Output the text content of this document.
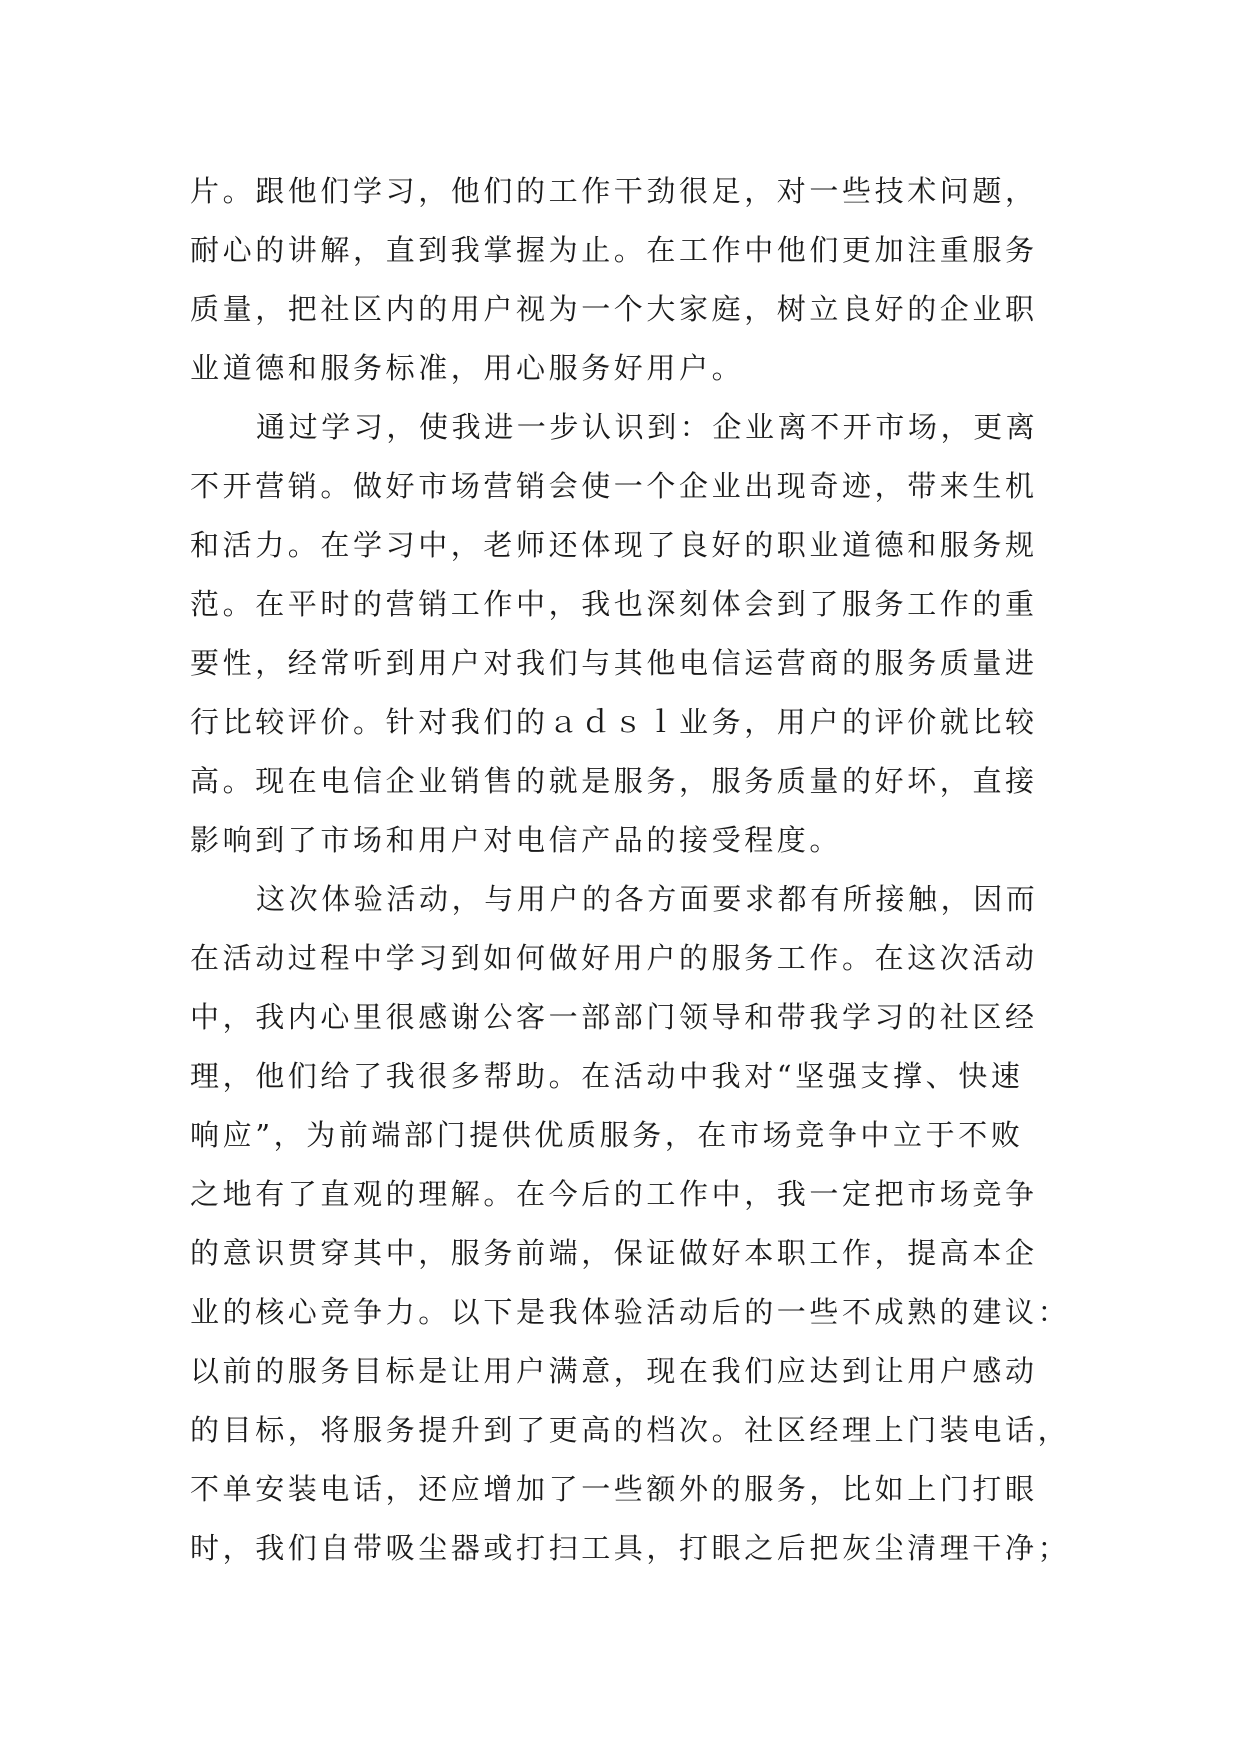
片。跟他们学习，他们的工作干劲很足，对一些技术问题，
耐心的讲解，直到我掌握为止。在工作中他们更加注重服务
质量，把社区内的用户视为一个大家庭，树立良好的企业职
业道德和服务标准，用心服务好用户。
通过学习，使我进一步认识到：企业离不开市场，更离
不开营销。做好市场营销会使一个企业出现奇迹，带来生机
和活力。在学习中，老师还体现了良好的职业道德和服务规
范。在平时的营销工作中，我也深刻体会到了服务工作的重
要性，经常听到用户对我们与其他电信运营商的服务质量进
行比较评价。针对我们的ａｄｓｌ业务，用户的评价就比较
高。现在电信企业销售的就是服务，服务质量的好坏，直接
影响到了市场和用户对电信产品的接受程度。
这次体验活动，与用户的各方面要求都有所接触，因而
在活动过程中学习到如何做好用户的服务工作。在这次活动
中，我内心里很感谢公客一部部门领导和带我学习的社区经
理，他们给了我很多帮助。在活动中我对“坚强支撑、快速
响应”，为前端部门提供优质服务，在市场竞争中立于不败
之地有了直观的理解。在今后的工作中，我一定把市场竞争
的意识贯穿其中，服务前端，保证做好本职工作，提高本企
业的核心竞争力。以下是我体验活动后的一些不成熟的建议：
以前的服务目标是让用户满意，现在我们应达到让用户感动
的目标，将服务提升到了更高的档次。社区经理上门装电话，
不单安装电话，还应增加了一些额外的服务，比如上门打眼
时，我们自带吸尘器或打扫工具，打眼之后把灰尘清理干净；
